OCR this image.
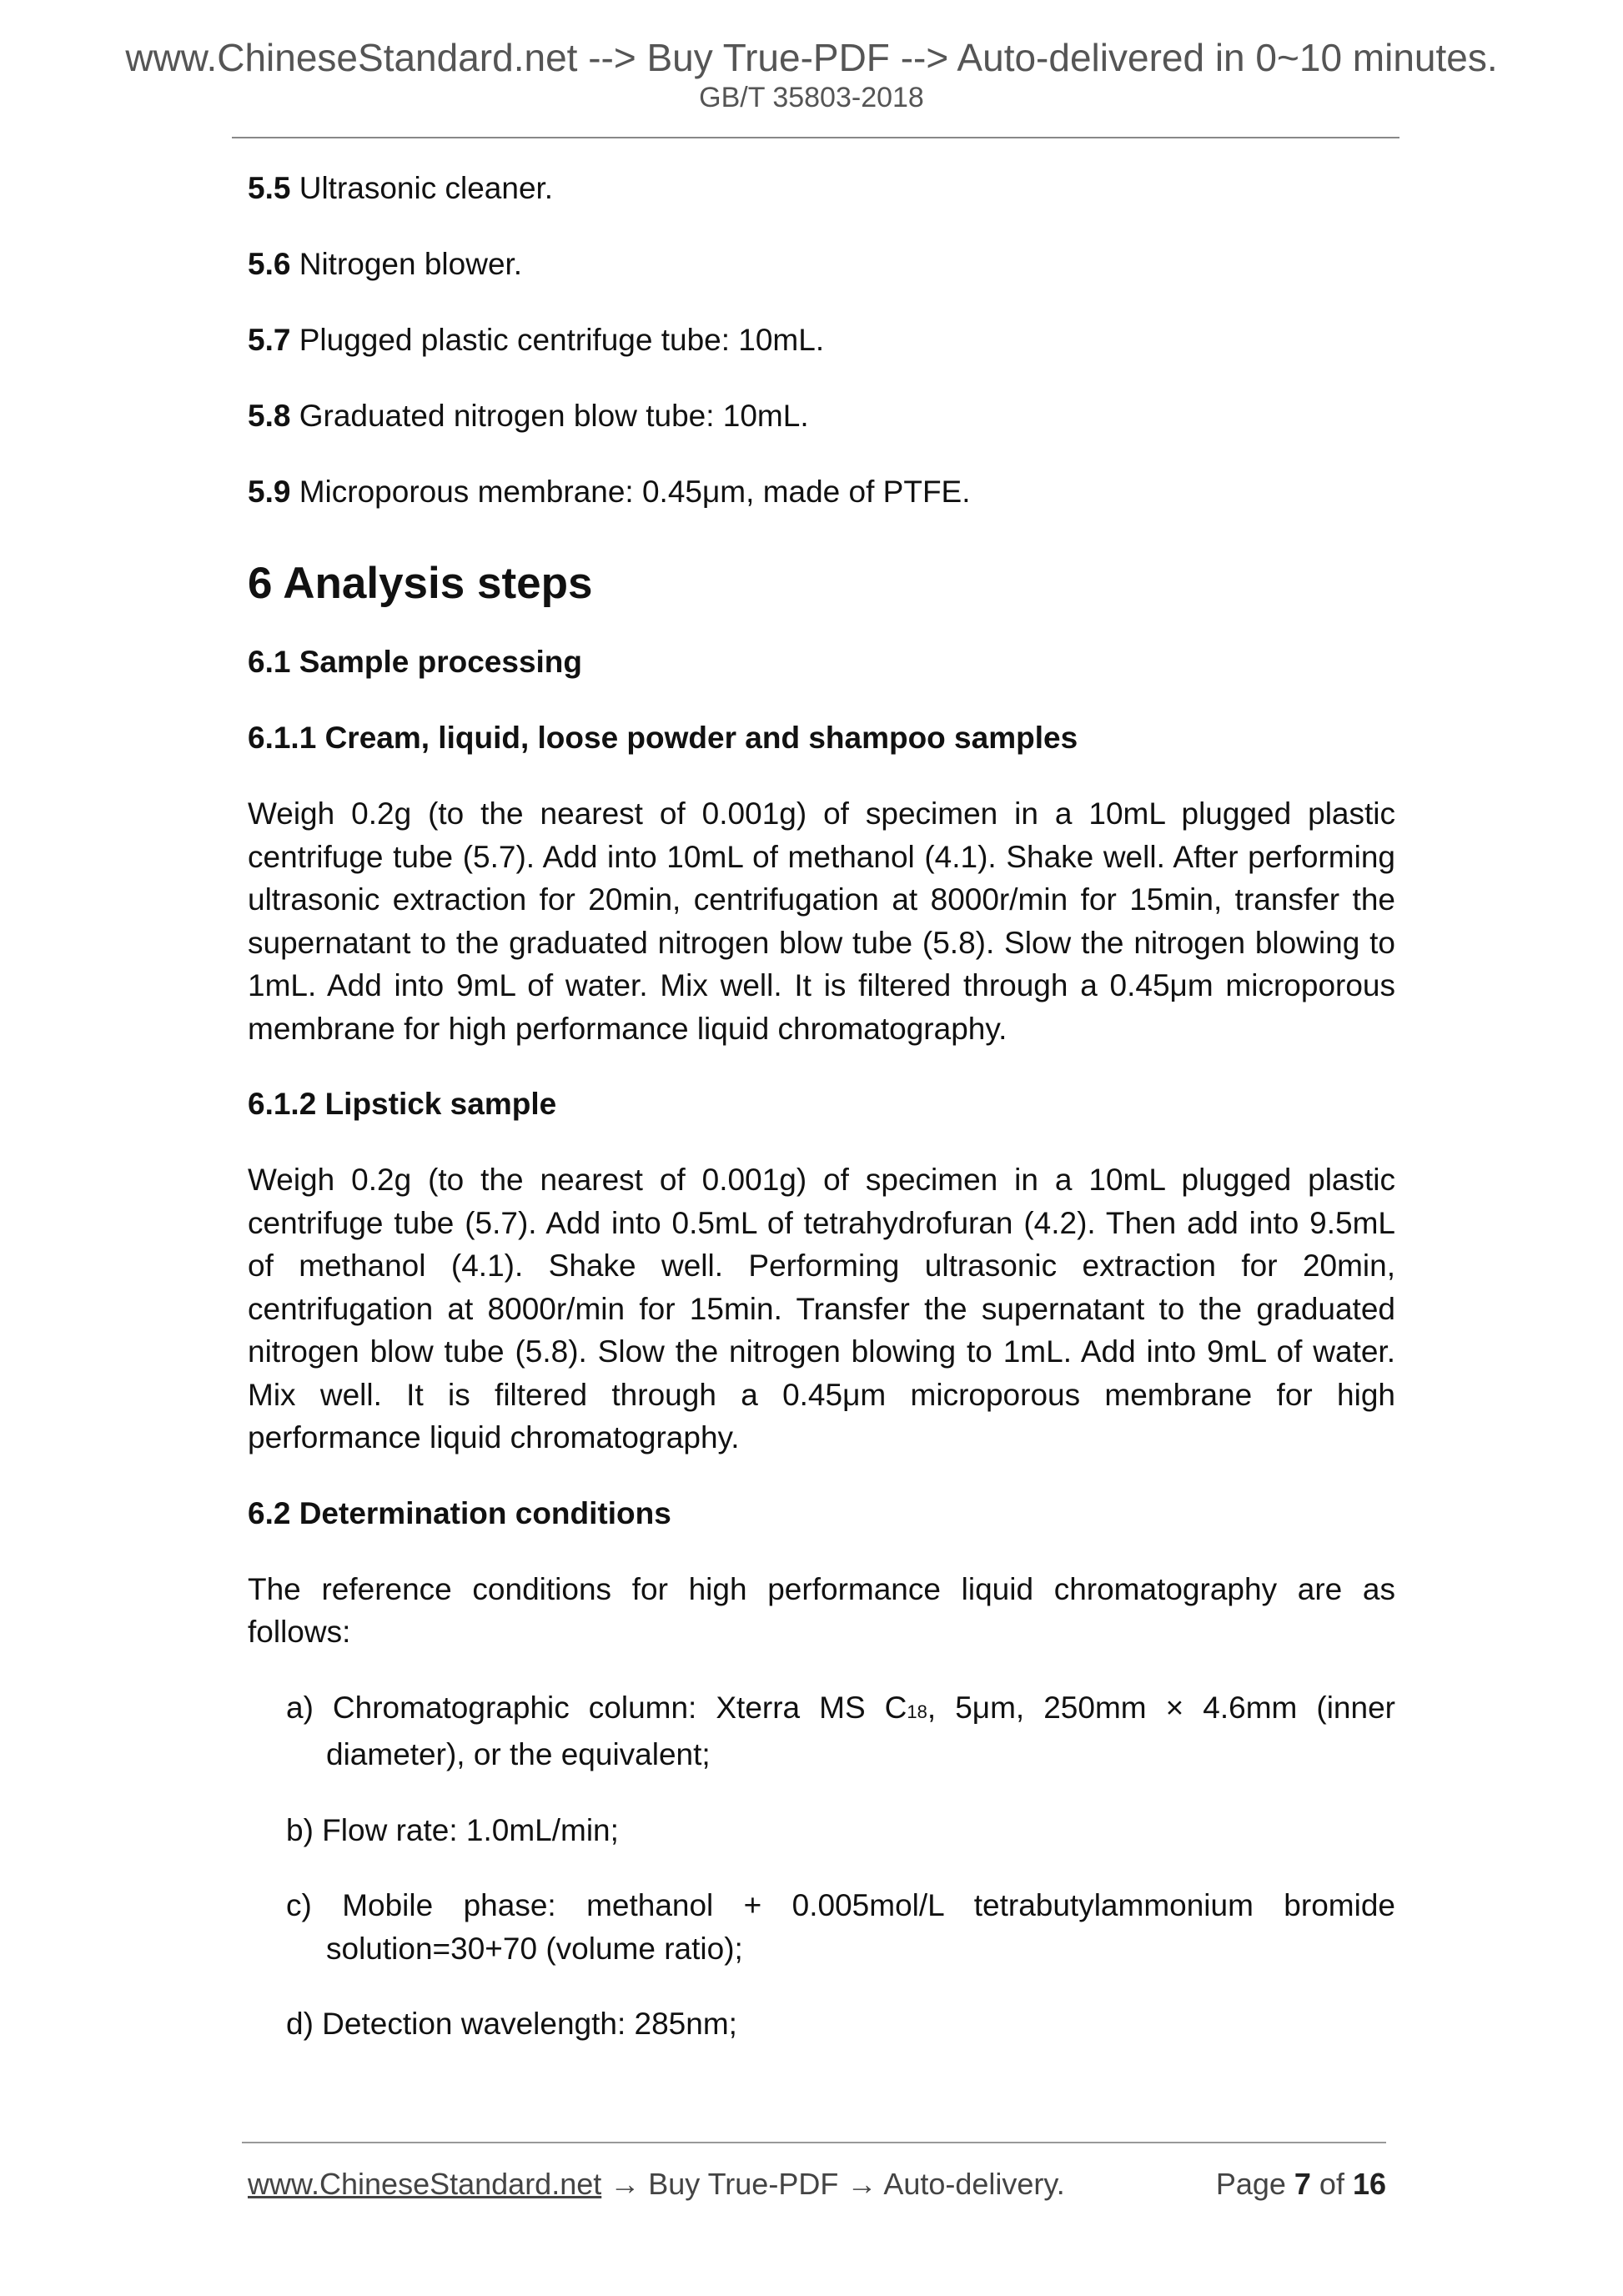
www.ChineseStandard.net --> Buy True-PDF --> Auto-delivered in 0~10 minutes.
GB/T 35803-2018
5.5 Ultrasonic cleaner.
5.6 Nitrogen blower.
5.7 Plugged plastic centrifuge tube: 10mL.
5.8 Graduated nitrogen blow tube: 10mL.
5.9 Microporous membrane: 0.45μm, made of PTFE.
6 Analysis steps
6.1 Sample processing
6.1.1 Cream, liquid, loose powder and shampoo samples
Weigh 0.2g (to the nearest of 0.001g) of specimen in a 10mL plugged plastic centrifuge tube (5.7). Add into 10mL of methanol (4.1). Shake well. After performing ultrasonic extraction for 20min, centrifugation at 8000r/min for 15min, transfer the supernatant to the graduated nitrogen blow tube (5.8). Slow the nitrogen blowing to 1mL. Add into 9mL of water. Mix well. It is filtered through a 0.45μm microporous membrane for high performance liquid chromatography.
6.1.2 Lipstick sample
Weigh 0.2g (to the nearest of 0.001g) of specimen in a 10mL plugged plastic centrifuge tube (5.7). Add into 0.5mL of tetrahydrofuran (4.2). Then add into 9.5mL of methanol (4.1). Shake well. Performing ultrasonic extraction for 20min, centrifugation at 8000r/min for 15min. Transfer the supernatant to the graduated nitrogen blow tube (5.8). Slow the nitrogen blowing to 1mL. Add into 9mL of water. Mix well. It is filtered through a 0.45μm microporous membrane for high performance liquid chromatography.
6.2 Determination conditions
The reference conditions for high performance liquid chromatography are as follows:
a) Chromatographic column: Xterra MS C18, 5μm, 250mm × 4.6mm (inner diameter), or the equivalent;
b) Flow rate: 1.0mL/min;
c) Mobile phase: methanol + 0.005mol/L tetrabutylammonium bromide solution=30+70 (volume ratio);
d) Detection wavelength: 285nm;
www.ChineseStandard.net → Buy True-PDF → Auto-delivery.	Page 7 of 16
